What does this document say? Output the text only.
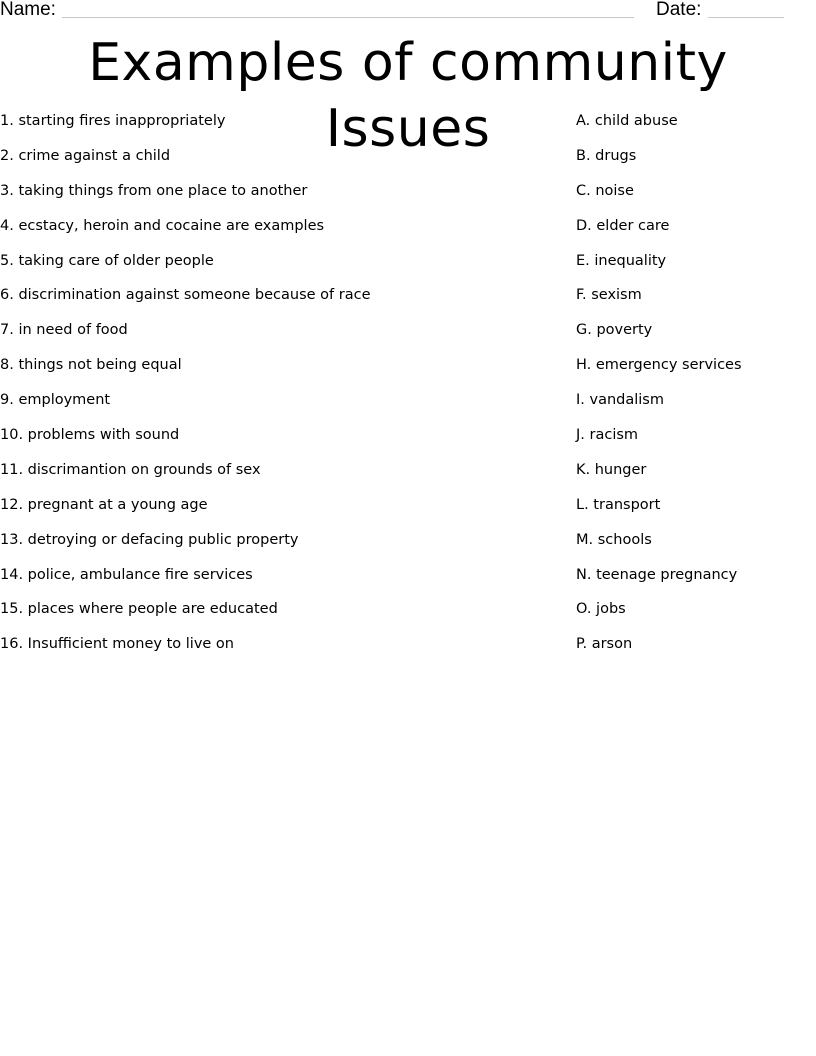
Name:	Date:
Examples of community Issues
1. starting fires inappropriately
2. crime against a child
3. taking things from one place to another
4. ecstacy, heroin and cocaine are examples
5. taking care of older people
6. discrimination against someone because of race
7. in need of food
8. things not being equal
9. employment
10. problems with sound
11. discrimantion on grounds of sex
12. pregnant at a young age
13. detroying or defacing public property
14. police, ambulance fire services
15. places where people are educated
16. Insufficient money to live on
A. child abuse
B. drugs
C. noise
D. elder care
E. inequality
F. sexism
G. poverty
H. emergency services
I. vandalism
J. racism
K. hunger
L. transport
M. schools
N. teenage pregnancy
O. jobs
P. arson
